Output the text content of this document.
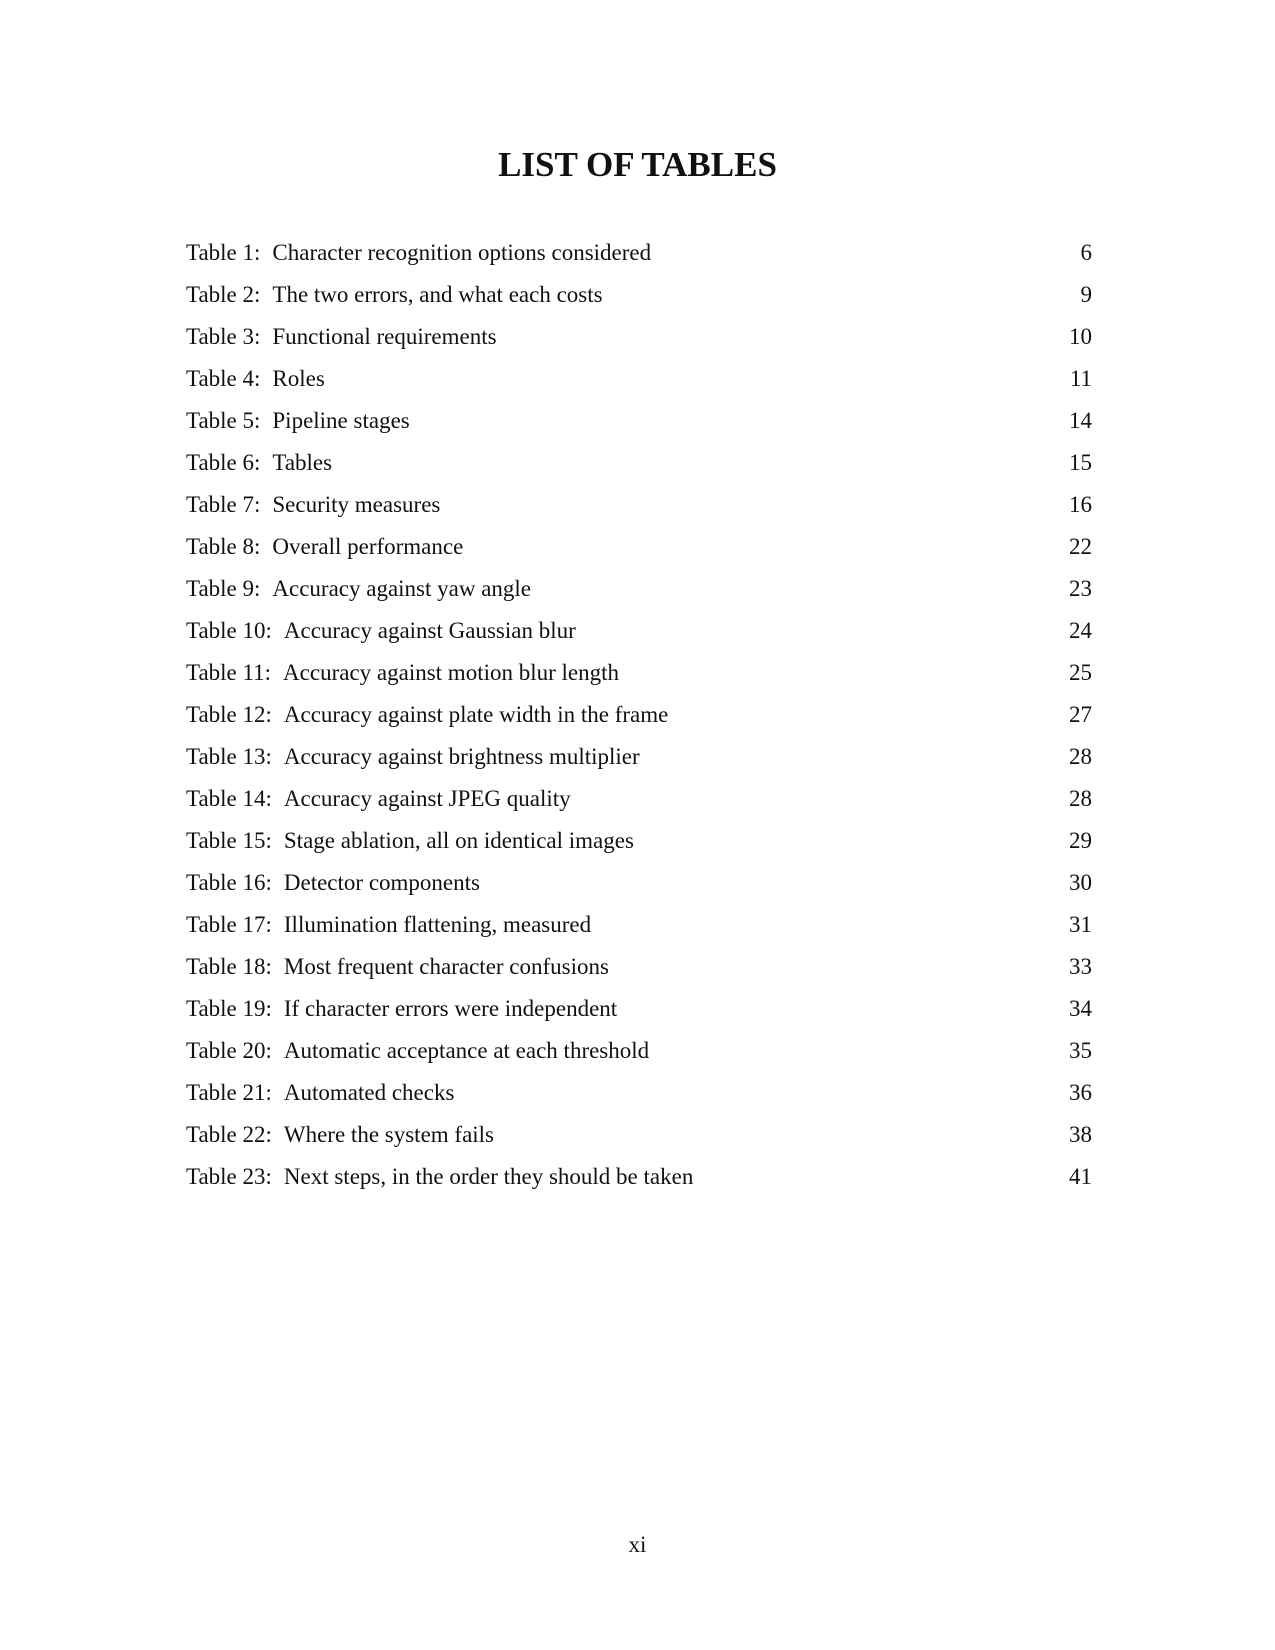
LIST OF TABLES
Table 1: Character recognition options considered	6
Table 2: The two errors, and what each costs	9
Table 3: Functional requirements	10
Table 4: Roles	11
Table 5: Pipeline stages	14
Table 6: Tables	15
Table 7: Security measures	16
Table 8: Overall performance	22
Table 9: Accuracy against yaw angle	23
Table 10: Accuracy against Gaussian blur	24
Table 11: Accuracy against motion blur length	25
Table 12: Accuracy against plate width in the frame	27
Table 13: Accuracy against brightness multiplier	28
Table 14: Accuracy against JPEG quality	28
Table 15: Stage ablation, all on identical images	29
Table 16: Detector components	30
Table 17: Illumination flattening, measured	31
Table 18: Most frequent character confusions	33
Table 19: If character errors were independent	34
Table 20: Automatic acceptance at each threshold	35
Table 21: Automated checks	36
Table 22: Where the system fails	38
Table 23: Next steps, in the order they should be taken	41
xi
